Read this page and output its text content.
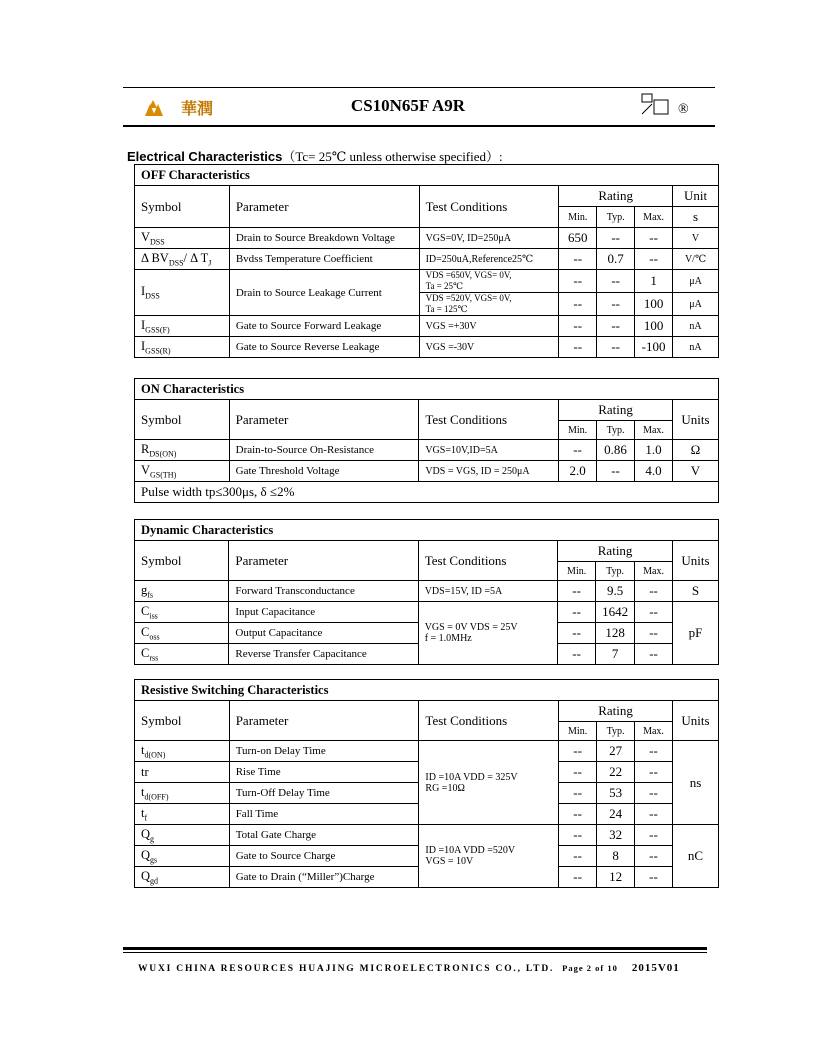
華潤	CS10N65F A9R	®
Electrical Characteristics（Tc= 25℃ unless otherwise specified）:
OFF Characteristics						
Symbol	Parameter	Test Conditions	Rating			Unit
			Min.	Typ.	Max.	s
$V_{DSS}$	Drain to Source Breakdown Voltage	VGS=0V, ID=250μA	650	--	--	V
Δ $BV_{DSS}/$ Δ $T_J$	Bvdss Temperature Coefficient	ID=250uA,Reference25℃	--	0.7	--	V/℃
$I_{DSS}$	Drain to Source Leakage Current	VDS =650V, VGS= 0V,
Ta = 25℃	--	--	1	μA

		VDS =520V, VGS= 0V,
Ta = 125℃	--	--	100	μA
$I_{GSS(F)}$	Gate to Source Forward Leakage	VGS =+30V	--	--	100	nA
$I_{GSS(R)}$	Gate to Source Reverse Leakage	VGS =-30V	--	--	-100	nA
ON Characteristics						
Symbol	Parameter	Test Conditions	Rating			Units
			Min.	Typ.	Max.	
$R_{DS(ON)}$	Drain-to-Source On-Resistance	VGS=10V,ID=5A	--	0.86	1.0	Ω
$V_{GS(TH)}$	Gate Threshold Voltage	VDS = VGS, ID = 250μA	2.0	--	4.0	V
Pulse width tp≤300μs, δ ≤2%						
Dynamic Characteristics						
Symbol	Parameter	Test Conditions	Rating			Units
			Min.	Typ.	Max.	
$g_{fs}$	Forward Transconductance	VDS=15V, ID =5A	--	9.5	--	S
$C_{iss}$	Input Capacitance	VGS = 0V VDS = 25V
f = 1.0MHz	--	1642	--	pF
$C_{oss}$	Output Capacitance		--	128	--	
$C_{rss}$	Reverse Transfer Capacitance		--	7	--	
Resistive Switching Characteristics						
Symbol	Parameter	Test Conditions	Rating			Units
			Min.	Typ.	Max.	
$t_{d(ON)}$	Turn-on Delay Time	ID =10A VDD = 325V
RG =10Ω	--	27	--	ns
tr	Rise Time		--	22	--	
$t_{d(OFF)}$	Turn-Off Delay Time		--	53	--	
$t_f$	Fall Time		--	24	--	
$Q_g$	Total Gate Charge	ID =10A VDD =520V
VGS = 10V	--	32	--	nC
$Q_{gs}$	Gate to Source Charge		--	8	--	
$Q_{gd}$	Gate to Drain (“Miller”)Charge		--	12	--	
WUXI CHINA RESOURCES HUAJING MICROELECTRONICS CO., LTD. Page 2 of 10 2015V01
